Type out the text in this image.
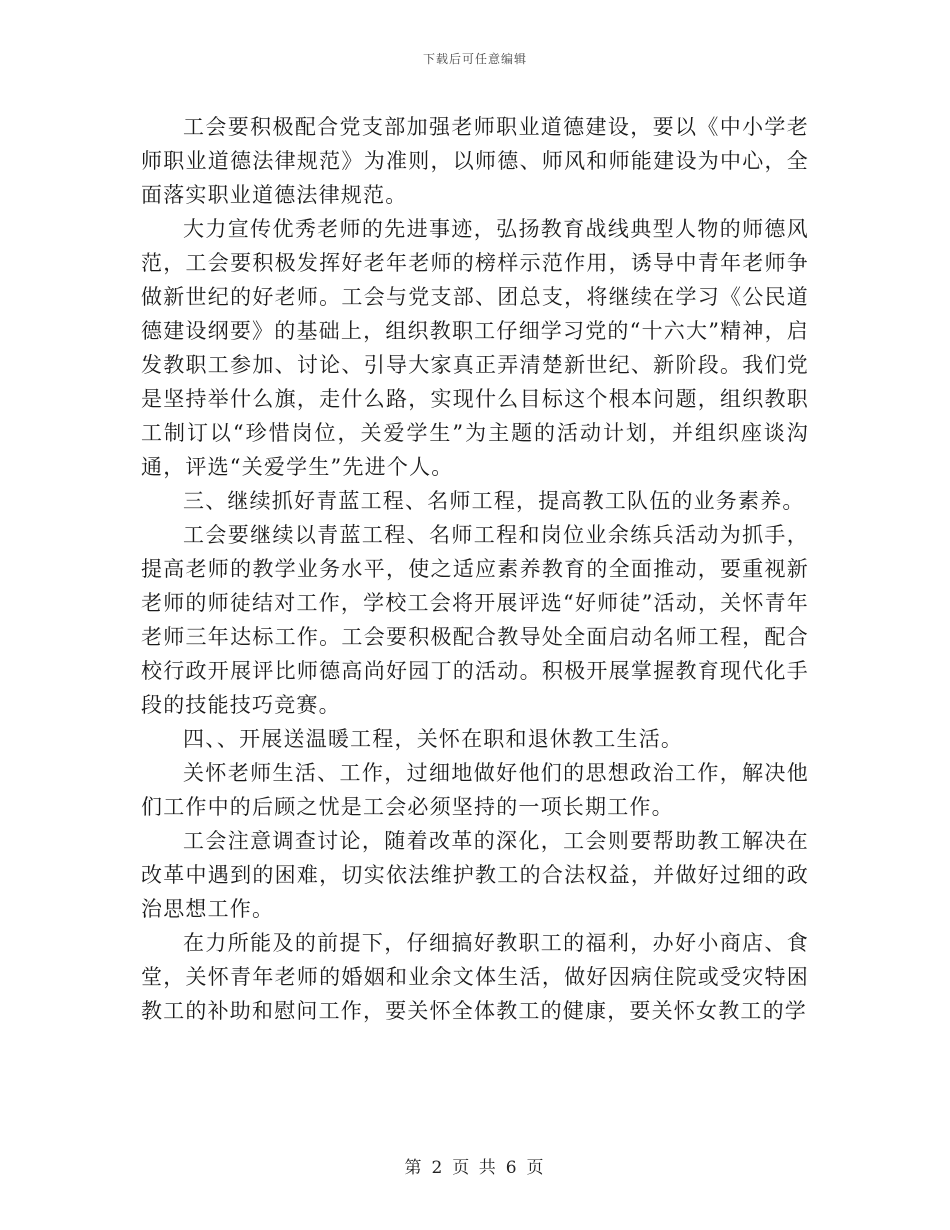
下载后可任意编辑

工会要积极配合党支部加强老师职业道德建设，要以《中小学老师职业道德法律规范》为准则，以师德、师风和师能建设为中心，全面落实职业道德法律规范。

大力宣传优秀老师的先进事迹，弘扬教育战线典型人物的师德风范，工会要积极发挥好老年老师的榜样示范作用，诱导中青年老师争做新世纪的好老师。工会与党支部、团总支，将继续在学习《公民道德建设纲要》的基础上，组织教职工仔细学习党的“十六大”精神，启发教职工参加、讨论、引导大家真正弄清楚新世纪、新阶段。我们党是坚持举什么旗，走什么路，实现什么目标这个根本问题，组织教职工制订以“珍惜岗位，关爱学生”为主题的活动计划，并组织座谈沟通，评选“关爱学生”先进个人。

三、继续抓好青蓝工程、名师工程，提高教工队伍的业务素养。

工会要继续以青蓝工程、名师工程和岗位业余练兵活动为抓手，提高老师的教学业务水平，使之适应素养教育的全面推动，要重视新老师的师徒结对工作，学校工会将开展评选“好师徒”活动，关怀青年老师三年达标工作。工会要积极配合教导处全面启动名师工程，配合校行政开展评比师德高尚好园丁的活动。积极开展掌握教育现代化手段的技能技巧竞赛。

四、、开展送温暖工程，关怀在职和退休教工生活。

关怀老师生活、工作，过细地做好他们的思想政治工作，解决他们工作中的后顾之忧是工会必须坚持的一项长期工作。

工会注意调查讨论，随着改革的深化，工会则要帮助教工解决在改革中遇到的困难，切实依法维护教工的合法权益，并做好过细的政治思想工作。

在力所能及的前提下，仔细搞好教职工的福利，办好小商店、食堂，关怀青年老师的婚姻和业余文体生活，做好因病住院或受灾特困教工的补助和慰问工作，要关怀全体教工的健康，要关怀女教工的学

第 2 页 共 6 页
